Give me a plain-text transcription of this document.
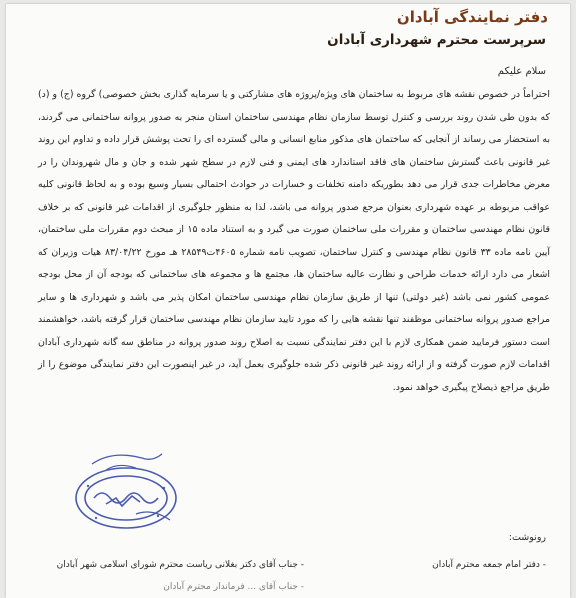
دفتر نمایندگی آبادان
سرپرست محترم شهرداری آبادان
سلام علیکم
احتراماً در خصوص نقشه های مربوط به ساختمان های ویژه/پروژه های مشارکتی و یا سرمایه گذاری بخش خصوصی) گروه (ج) و (د) که بدون طی شدن روند بررسی و کنترل توسط سازمان نظام مهندسی ساختمان استان منجر به صدور پروانه ساختمانی می گردند، به استحضار می رساند از آنجایی که ساختمان های مذکور منابع انسانی و مالی گسترده ای را تحت پوشش قرار داده و تداوم این روند غیر قانونی باعث گسترش ساختمان های فاقد استاندارد های ایمنی و فنی لازم در سطح شهر شده و جان و مال شهروندان را در معرض مخاطرات جدی قرار می دهد بطوریکه دامنه تخلفات و خسارات در حوادث احتمالی بسیار وسیع بوده و به لحاظ قانونی کلیه عواقب مربوطه بر عهده شهرداری بعنوان مرجع صدور پروانه می باشد، لذا به منظور جلوگیری از اقدامات غیر قانونی که بر خلاف قانون نظام مهندسی ساختمان و مقررات ملی ساختمان صورت می گیرد و به استناد ماده ۱۵ از مبحث دوم مقررات ملی ساختمان، آیین نامه ماده ۳۳ قانون نظام مهندسی و کنترل ساختمان، تصویب نامه شماره ۴۶۰۵ت۲۸۵۴۹ هـ مورخ ۸۳/۰۴/۲۲ هیات وزیران که اشعار می دارد ارائه خدمات طراحی و نظارت عالیه ساختمان ها، مجتمع ها و مجموعه های ساختمانی که بودجه آن از محل بودجه عمومی کشور نمی باشد (غیر دولتی) تنها از طریق سازمان نظام مهندسی ساختمان امکان پذیر می باشد و شهرداری ها و سایر مراجع صدور پروانه ساختمانی موظفند تنها نقشه هایی را که مورد تایید سازمان نظام مهندسی ساختمان قرار گرفته باشد، خواهشمند است دستور فرمایید ضمن همکاری لازم با این دفتر نمایندگی نسبت به اصلاح روند صدور پروانه در مناطق سه گانه شهرداری آبادان اقدامات لازم صورت گرفته و از ارائه روند غیر قانونی ذکر شده جلوگیری بعمل آید، در غیر اینصورت این دفتر نمایندگی موضوع را از طریق مراجع ذیصلاح پیگیری خواهد نمود.
رونوشت:
- دفتر امام جمعه محترم آبادان
- جناب آقای دکتر بغلانی ریاست محترم شورای اسلامی شهر آبادان
- جناب آقای ... فرماندار محترم آبادان
